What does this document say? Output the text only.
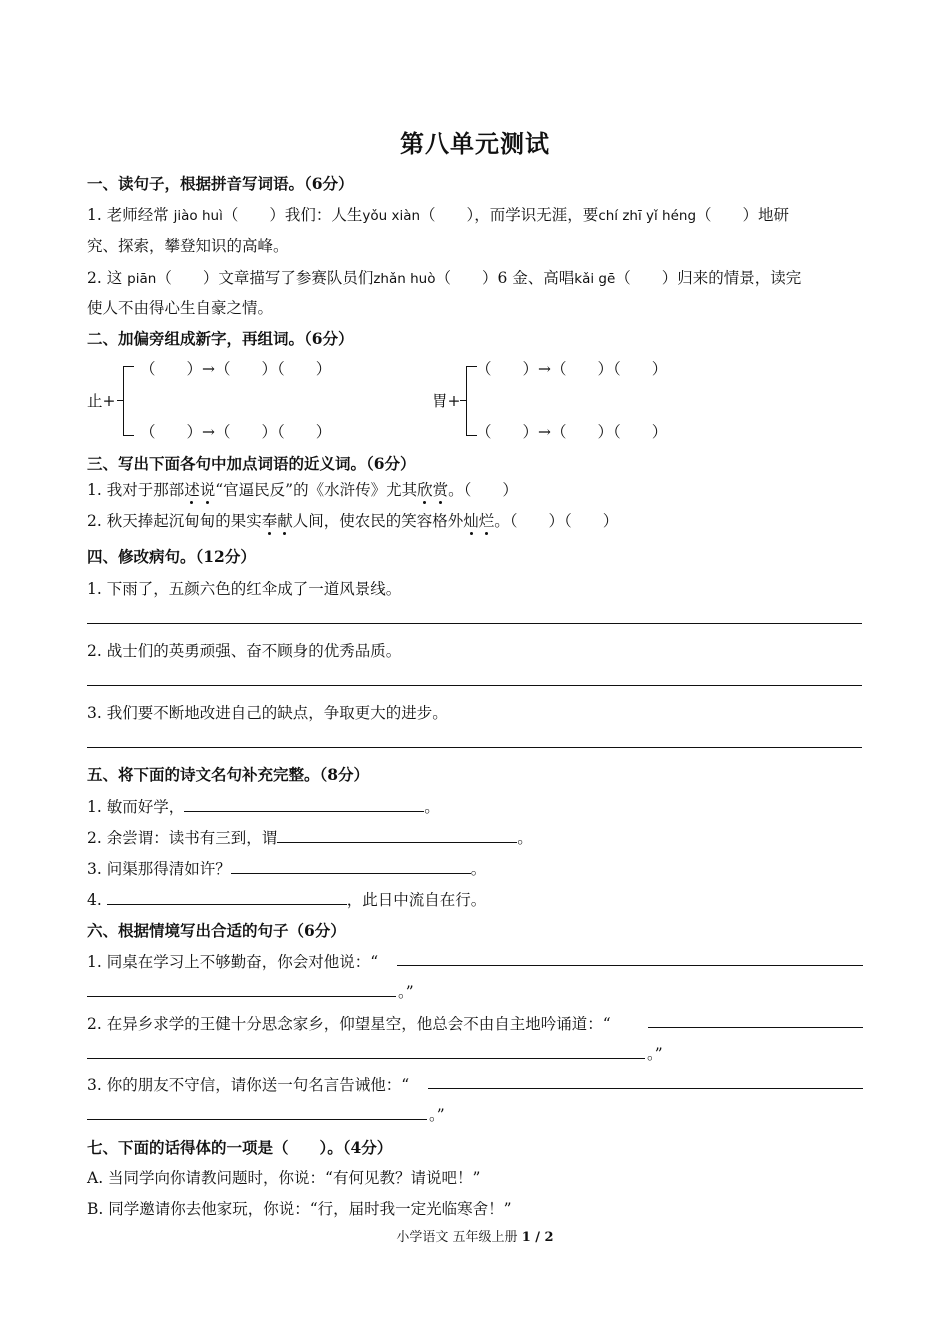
第八单元测试
一、读句子，根据拼音写词语。（6分）
1. 老师经常 jiào huì（　　）我们：人生yǒu xiàn（　　），而学识无涯，要chí zhī yǐ héng（　　）地研
究、探索，攀登知识的高峰。
2. 这 piān（　　）文章描写了参赛队员们zhǎn huò（　　）6 金、高唱kǎi gē（　　）归来的情景，读完
使人不由得心生自豪之情。
二、加偏旁组成新字，再组词。（6分）
止+
（　　）→（　　）（　　）
（　　）→（　　）（　　）
胃+
（　　）→（　　）（　　）
（　　）→（　　）（　　）
三、写出下面各句中加点词语的近义词。（6分）
1. 我对于那部述说“官逼民反”的《水浒传》尤其欣赏。（　　）
2. 秋天捧起沉甸甸的果实奉献人间，使农民的笑容格外灿烂。（　　）（　　）
四、修改病句。（12分）
1. 下雨了，五颜六色的红伞成了一道风景线。
2. 战士们的英勇顽强、奋不顾身的优秀品质。
3. 我们要不断地改进自己的缺点，争取更大的进步。
五、将下面的诗文名句补充完整。（8分）
1. 敏而好学，	。
2. 余尝谓：读书有三到，谓	。
3. 问渠那得清如许？	。
4.	，此日中流自在行。
六、根据情境写出合适的句子（6分）
1. 同桌在学习上不够勤奋，你会对他说：“
。”
2. 在异乡求学的王健十分思念家乡，仰望星空，他总会不由自主地吟诵道：“
。”
3. 你的朋友不守信，请你送一句名言告诫他：“
。”
七、下面的话得体的一项是（　　）。（4分）
A. 当同学向你请教问题时，你说：“有何见教？请说吧！”
B. 同学邀请你去他家玩，你说：“行，届时我一定光临寒舍！”
小学语文 五年级上册 1 / 2
